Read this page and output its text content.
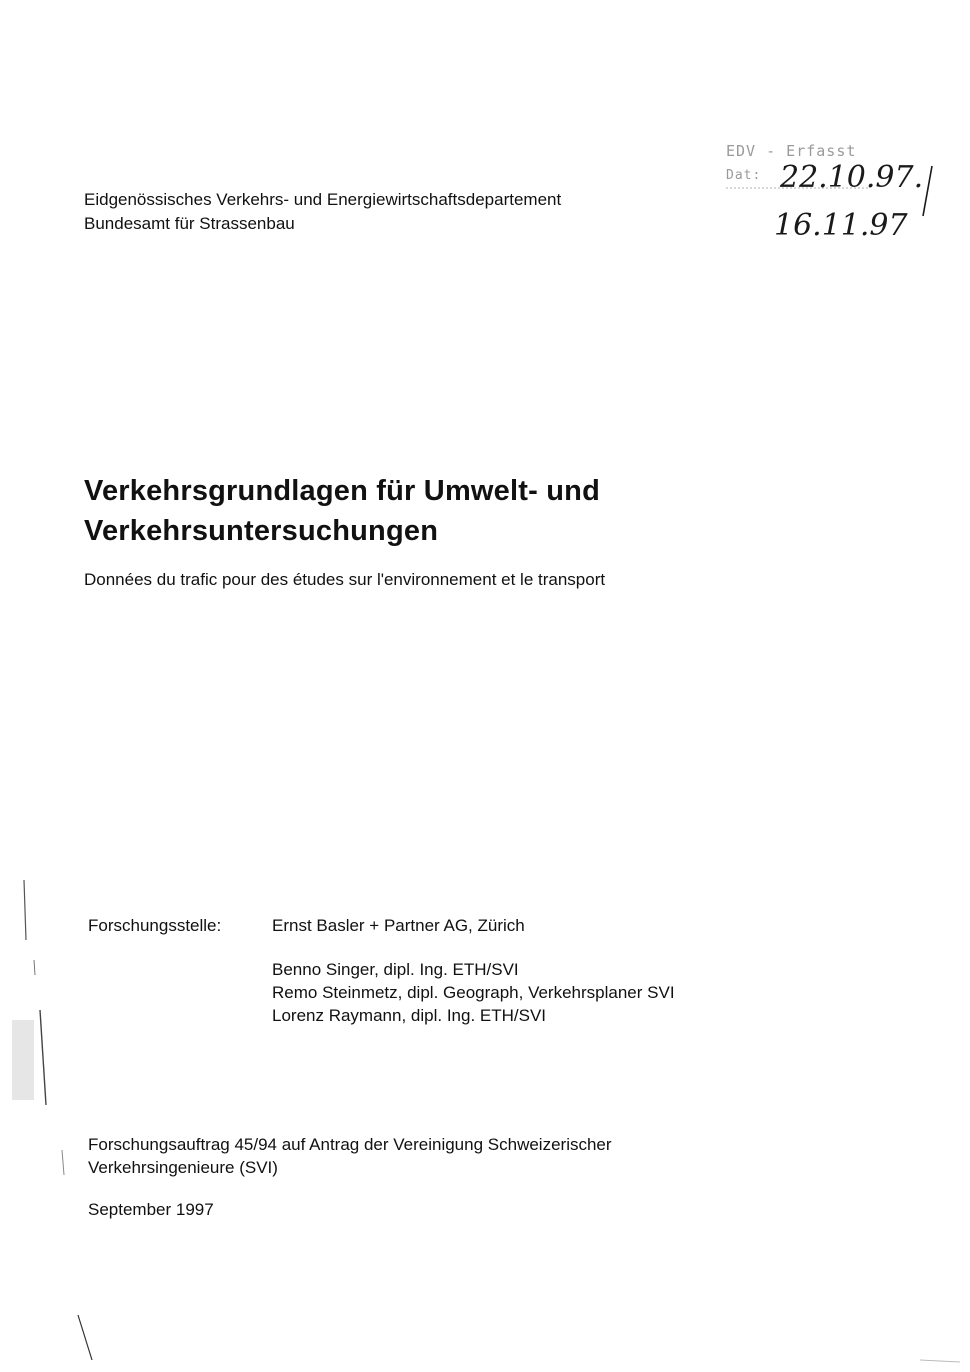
Eidgenössisches Verkehrs- und Energiewirtschaftsdepartement
Bundesamt für Strassenbau
EDV - Erfasst
Dat: 22.10.97.
16.11.97
Verkehrsgrundlagen für Umwelt- und
Verkehrsuntersuchungen
Données du trafic pour des études sur l'environnement et le transport
Forschungsstelle:	Ernst Basler + Partner AG, Zürich
Benno Singer, dipl. Ing. ETH/SVI
Remo Steinmetz, dipl. Geograph, Verkehrsplaner SVI
Lorenz Raymann, dipl. Ing. ETH/SVI
Forschungsauftrag 45/94 auf Antrag der Vereinigung Schweizerischer
Verkehrsingenieure (SVI)
September 1997
